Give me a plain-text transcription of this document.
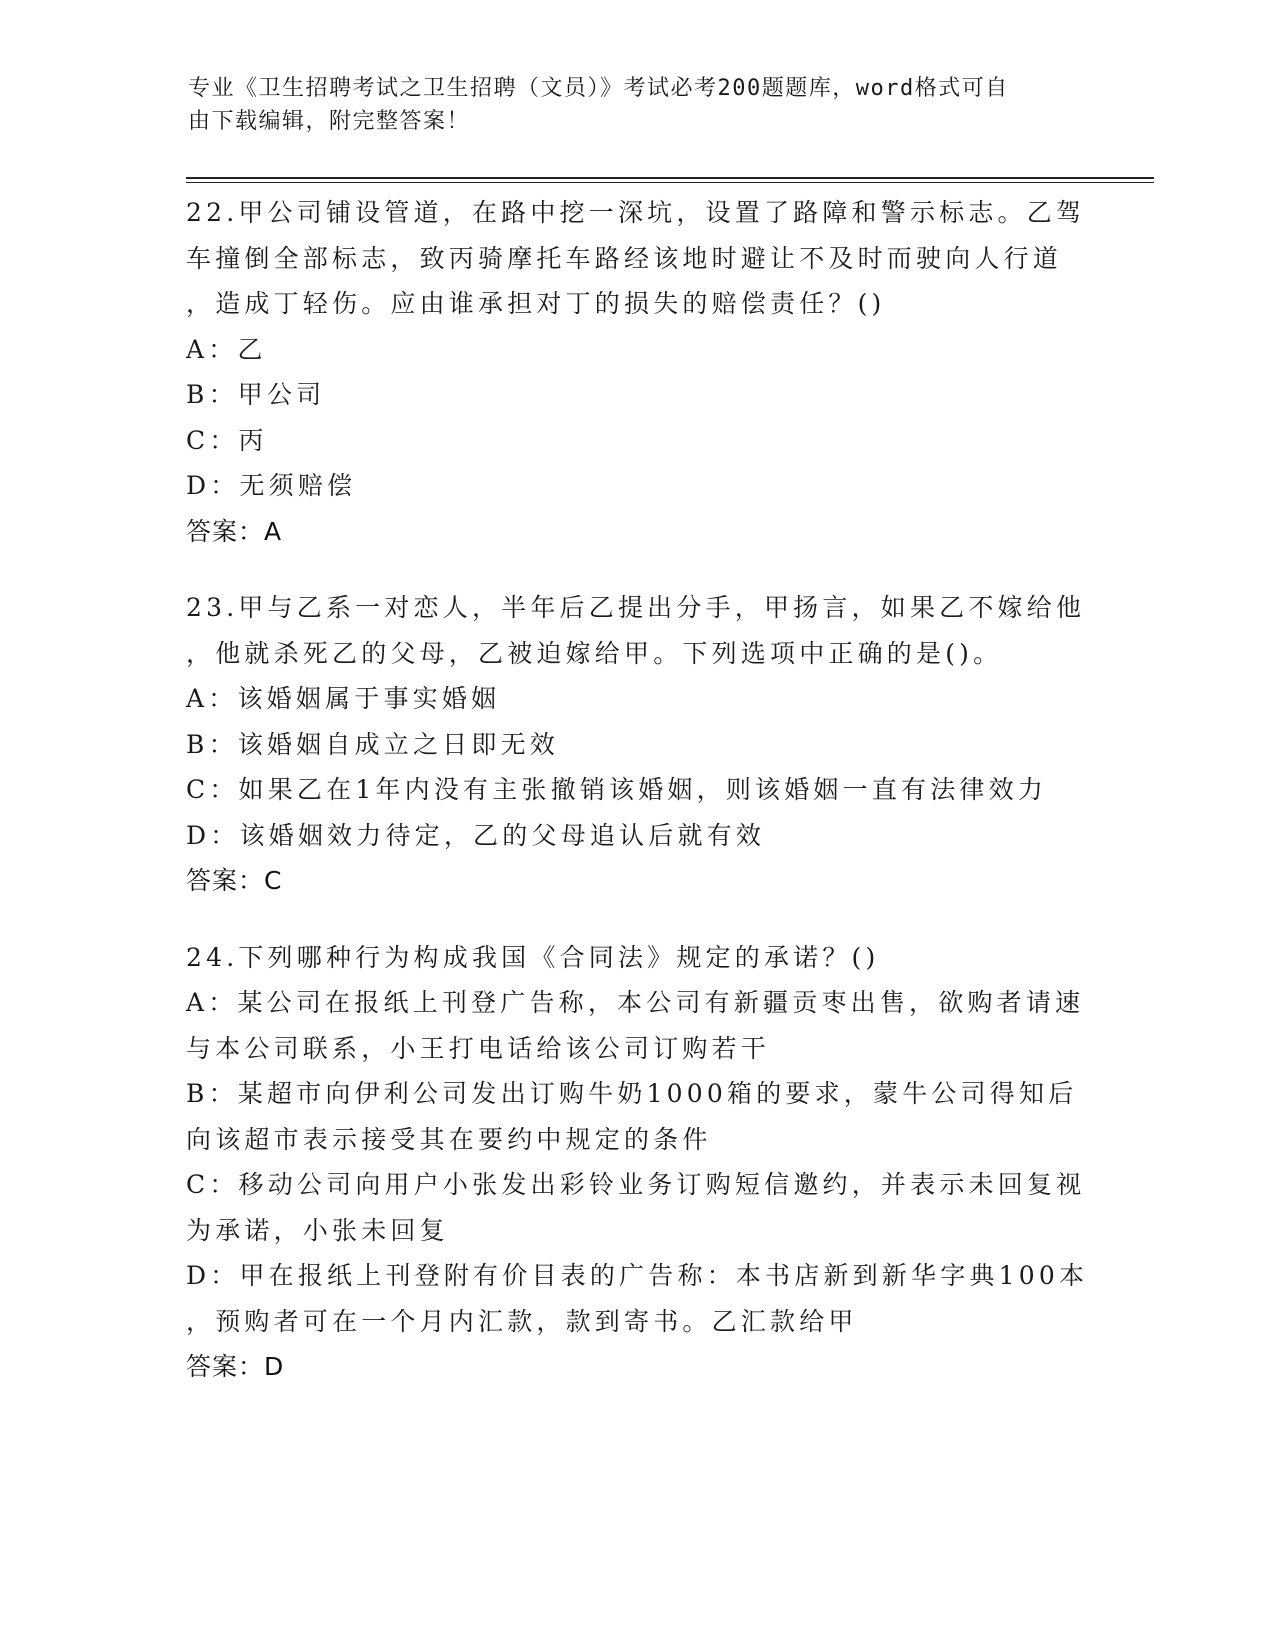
专业《卫生招聘考试之卫生招聘（文员）》考试必考200题题库，word格式可自
由下载编辑，附完整答案！
22.甲公司铺设管道，在路中挖一深坑，设置了路障和警示标志。乙驾
车撞倒全部标志，致丙骑摩托车路经该地时避让不及时而驶向人行道
，造成丁轻伤。应由谁承担对丁的损失的赔偿责任？()
A：乙
B：甲公司
C：丙
D：无须赔偿
答案：A
23.甲与乙系一对恋人，半年后乙提出分手，甲扬言，如果乙不嫁给他
，他就杀死乙的父母，乙被迫嫁给甲。下列选项中正确的是()。
A：该婚姻属于事实婚姻
B：该婚姻自成立之日即无效
C：如果乙在1年内没有主张撤销该婚姻，则该婚姻一直有法律效力
D：该婚姻效力待定，乙的父母追认后就有效
答案：C
24.下列哪种行为构成我国《合同法》规定的承诺？()
A：某公司在报纸上刊登广告称，本公司有新疆贡枣出售，欲购者请速
与本公司联系，小王打电话给该公司订购若干
B：某超市向伊利公司发出订购牛奶1000箱的要求，蒙牛公司得知后
向该超市表示接受其在要约中规定的条件
C：移动公司向用户小张发出彩铃业务订购短信邀约，并表示未回复视
为承诺，小张未回复
D：甲在报纸上刊登附有价目表的广告称：本书店新到新华字典100本
，预购者可在一个月内汇款，款到寄书。乙汇款给甲
答案：D
